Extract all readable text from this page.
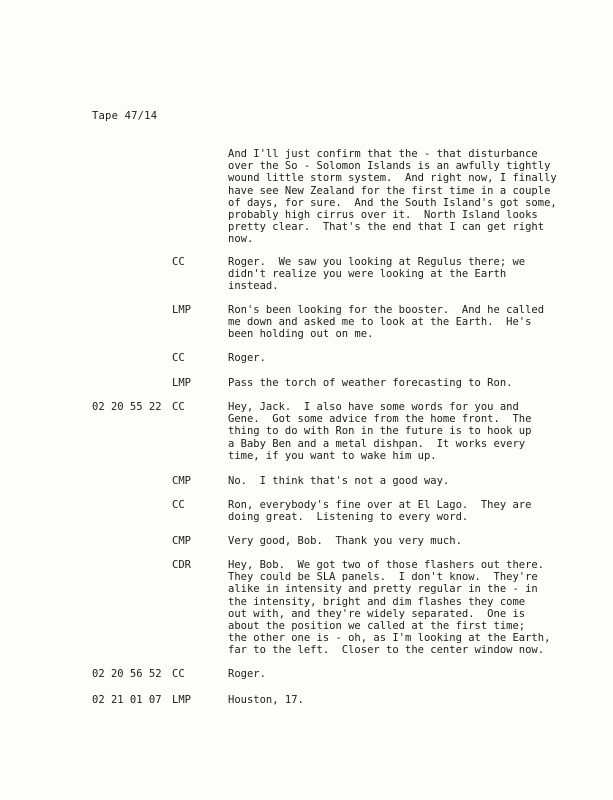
Tape 47/14
And I'll just confirm that the - that disturbance
over the So - Solomon Islands is an awfully tightly
wound little storm system.  And right now, I finally
have see New Zealand for the first time in a couple
of days, for sure.  And the South Island's got some,
probably high cirrus over it.  North Island looks
pretty clear.  That's the end that I can get right
now.
CC	Roger.  We saw you looking at Regulus there; we
didn't realize you were looking at the Earth
instead.
LMP	Ron's been looking for the booster.  And he called
me down and asked me to look at the Earth.  He's
been holding out on me.
CC	Roger.
LMP	Pass the torch of weather forecasting to Ron.
02 20 55 22 CC	Hey, Jack.  I also have some words for you and
Gene.  Got some advice from the home front.  The
thing to do with Ron in the future is to hook up
a Baby Ben and a metal dishpan.  It works every
time, if you want to wake him up.
CMP	No.  I think that's not a good way.
CC	Ron, everybody's fine over at El Lago.  They are
doing great.  Listening to every word.
CMP	Very good, Bob.  Thank you very much.
CDR	Hey, Bob.  We got two of those flashers out there.
They could be SLA panels.  I don't know.  They're
alike in intensity and pretty regular in the - in
the intensity, bright and dim flashes they come
out with, and they're widely separated.  One is
about the position we called at the first time;
the other one is - oh, as I'm looking at the Earth,
far to the left.  Closer to the center window now.
02 20 56 52 CC	Roger.
02 21 01 07 LMP	Houston, 17.
